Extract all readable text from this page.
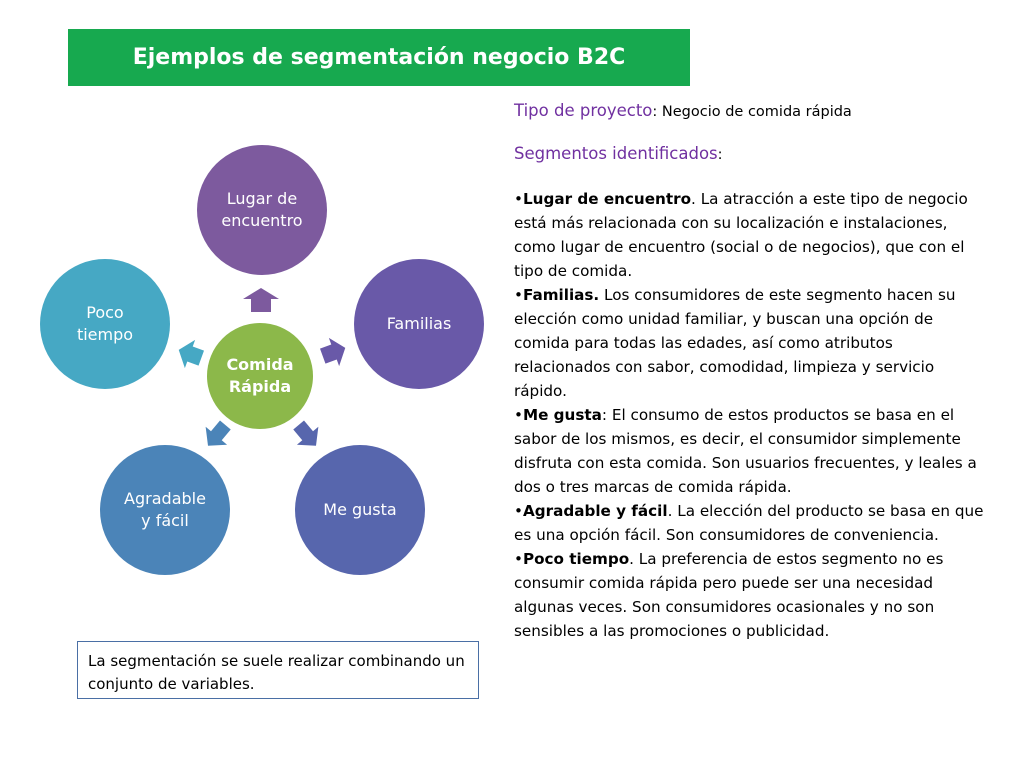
Ejemplos de segmentación negocio B2C
Comida
Rápida
Lugar de
encuentro
Familias
Me gusta
Agradable
y fácil
Poco
tiempo

Tipo de proyecto: Negocio de comida rápida

Segmentos identificados:

•Lugar de encuentro. La atracción a este tipo de negocio está más relacionada con su localización e instalaciones, como lugar de encuentro (social o de negocios), que con el tipo de comida.

•Familias. Los consumidores de este segmento hacen su elección como unidad familiar, y buscan una opción de comida para todas las edades, así como atributos relacionados con sabor, comodidad, limpieza y servicio rápido.

•Me gusta: El consumo de estos productos se basa en el sabor de los mismos, es decir, el consumidor simplemente disfruta con esta comida. Son usuarios frecuentes, y leales a dos o tres marcas de comida rápida.

•Agradable y fácil. La elección del producto se basa en que es una opción fácil. Son consumidores de conveniencia.

•Poco tiempo. La preferencia de estos segmento no es consumir comida rápida pero puede ser una necesidad algunas veces. Son consumidores ocasionales y no son sensibles a las promociones o publicidad.

La segmentación se suele realizar combinando un conjunto de variables.
